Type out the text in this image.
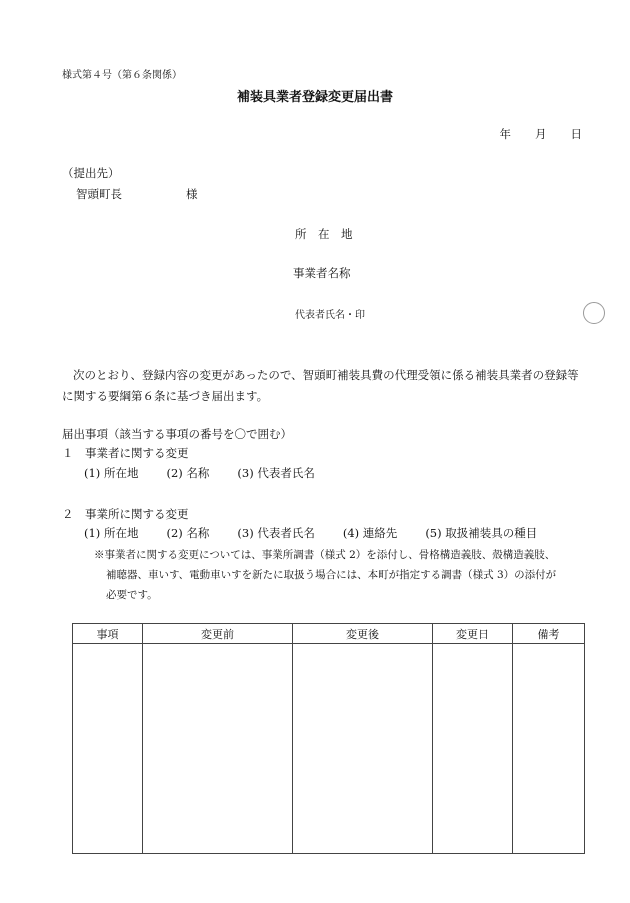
様式第４号（第６条関係）
補装具業者登録変更届出書
年 月 日
（提出先）
智頭町長	様
所　在　地
事業者名称
代表者氏名・印
次のとおり、登録内容の変更があったので、智頭町補装具費の代理受領に係る補装具業者の登録等に関する要綱第６条に基づき届出ます。
届出事項（該当する事項の番号を〇で囲む）
１　事業者に関する変更
(1) 所在地 (2) 名称 (3) 代表者氏名
２　事業所に関する変更
(1) 所在地 (2) 名称 (3) 代表者氏名 (4) 連絡先 (5) 取扱補装具の種目
※事業者に関する変更については、事業所調書（様式 2）を添付し、骨格構造義肢、殻構造義肢、
補聴器、車いす、電動車いすを新たに取扱う場合には、本町が指定する調書（様式 3）の添付が
必要です。
事項	変更前	変更後	変更日	備考
